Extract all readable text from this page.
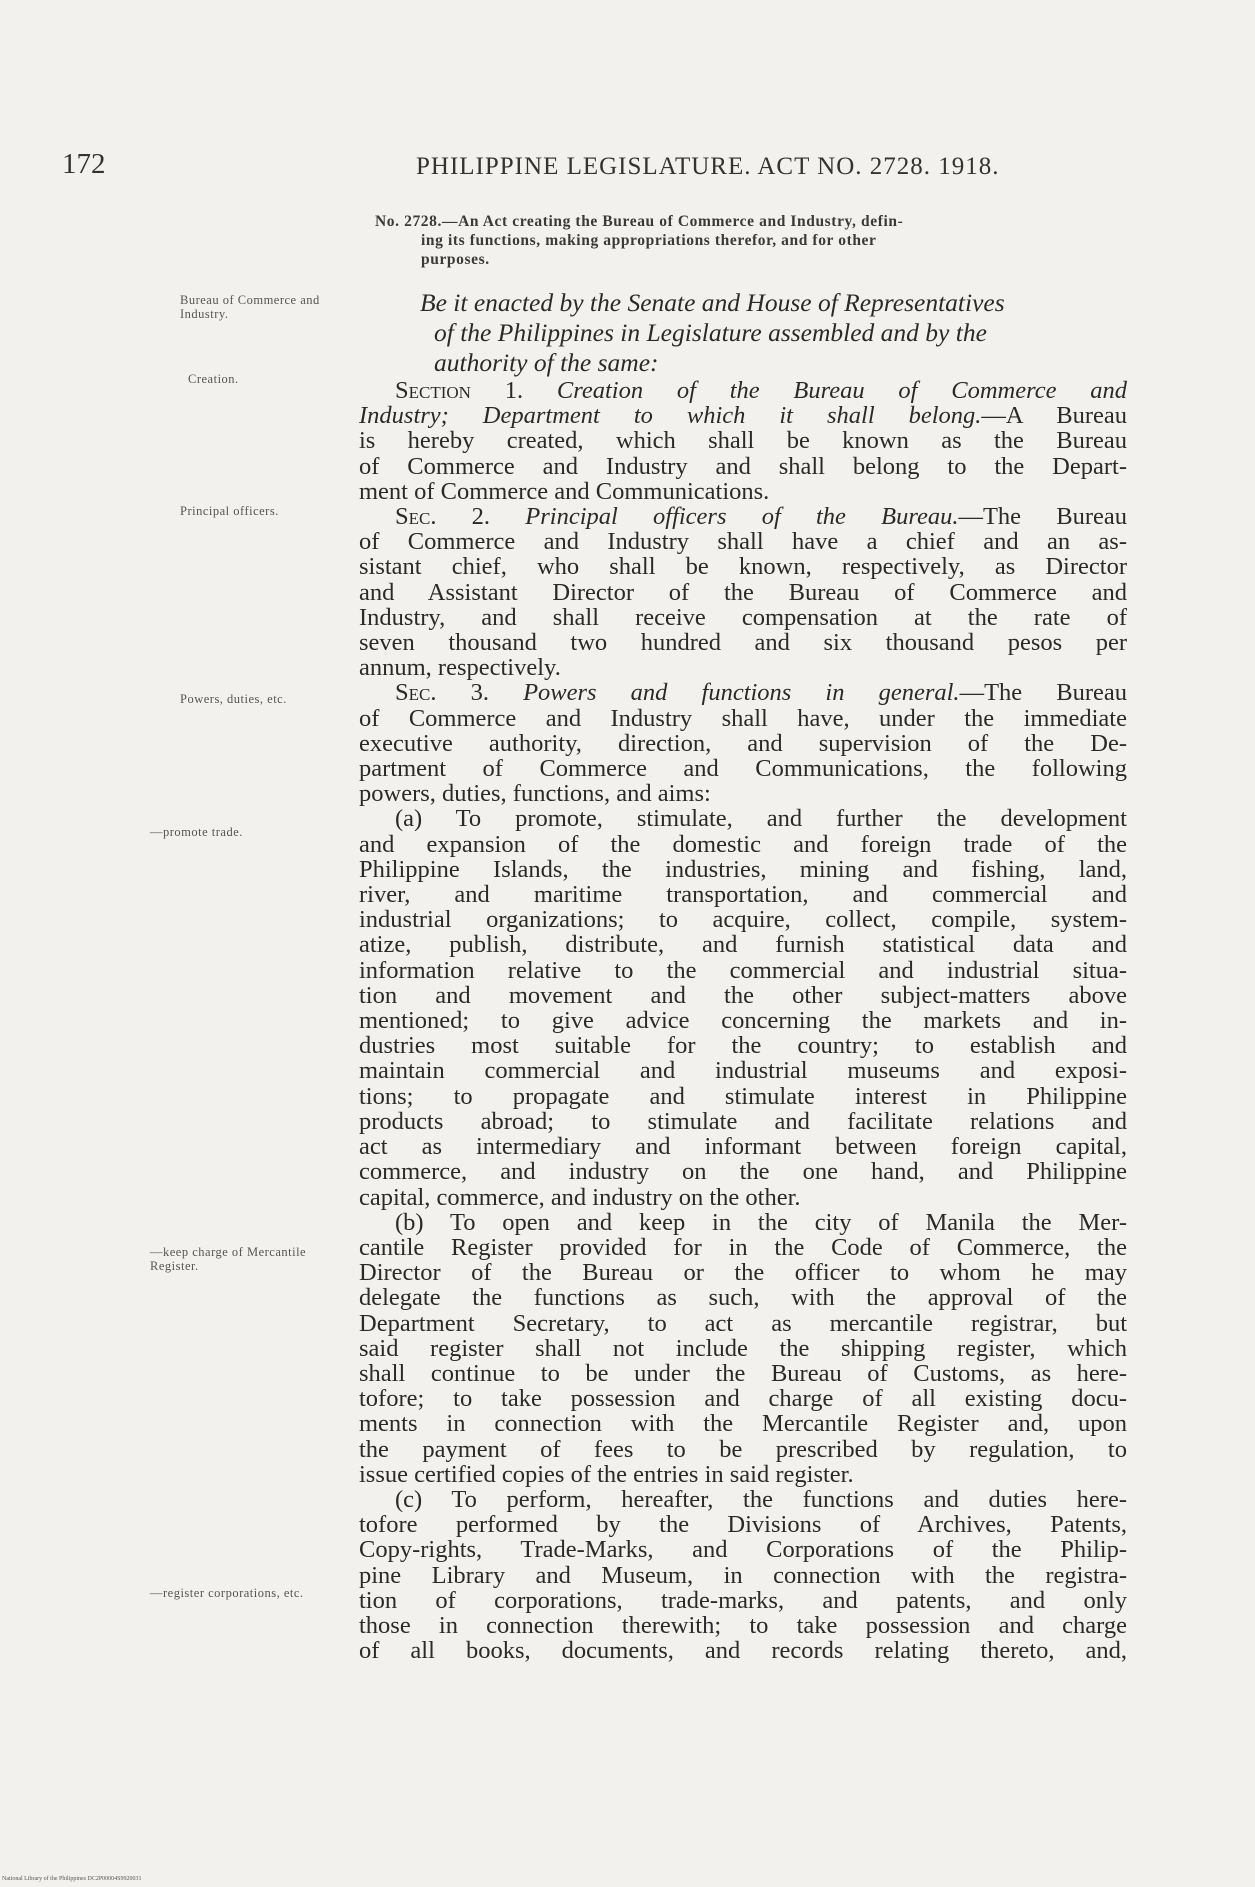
172	PHILIPPINE LEGISLATURE. ACT NO. 2728. 1918.
No. 2728.—An Act creating the Bureau of Commerce and Industry, defin-
ing its functions, making appropriations therefor, and for other
purposes.
Be it enacted by the Senate and House of Representatives
of the Philippines in Legislature assembled and by the
authority of the same:
Bureau of Commerce and Industry.
Creation.
Principal officers.
Powers, duties, etc.
—promote trade.
—keep charge of Mercantile Register.
—register corporations, etc.
Section 1. Creation of the Bureau of Commerce and
Industry; Department to which it shall belong.—A Bureau
is hereby created, which shall be known as the Bureau
of Commerce and Industry and shall belong to the Depart-
ment of Commerce and Communications.
Sec. 2. Principal officers of the Bureau.—The Bureau
of Commerce and Industry shall have a chief and an as-
sistant chief, who shall be known, respectively, as Director
and Assistant Director of the Bureau of Commerce and
Industry, and shall receive compensation at the rate of
seven thousand two hundred and six thousand pesos per
annum, respectively.
Sec. 3. Powers and functions in general.—The Bureau
of Commerce and Industry shall have, under the immediate
executive authority, direction, and supervision of the De-
partment of Commerce and Communications, the following
powers, duties, functions, and aims:
(a) To promote, stimulate, and further the development
and expansion of the domestic and foreign trade of the
Philippine Islands, the industries, mining and fishing, land,
river, and maritime transportation, and commercial and
industrial organizations; to acquire, collect, compile, system-
atize, publish, distribute, and furnish statistical data and
information relative to the commercial and industrial situa-
tion and movement and the other subject-matters above
mentioned; to give advice concerning the markets and in-
dustries most suitable for the country; to establish and
maintain commercial and industrial museums and exposi-
tions; to propagate and stimulate interest in Philippine
products abroad; to stimulate and facilitate relations and
act as intermediary and informant between foreign capital,
commerce, and industry on the one hand, and Philippine
capital, commerce, and industry on the other.
(b) To open and keep in the city of Manila the Mer-
cantile Register provided for in the Code of Commerce, the
Director of the Bureau or the officer to whom he may
delegate the functions as such, with the approval of the
Department Secretary, to act as mercantile registrar, but
said register shall not include the shipping register, which
shall continue to be under the Bureau of Customs, as here-
tofore; to take possession and charge of all existing docu-
ments in connection with the Mercantile Register and, upon
the payment of fees to be prescribed by regulation, to
issue certified copies of the entries in said register.
(c) To perform, hereafter, the functions and duties here-
tofore performed by the Divisions of Archives, Patents,
Copy-rights, Trade-Marks, and Corporations of the Philip-
pine Library and Museum, in connection with the registra-
tion of corporations, trade-marks, and patents, and only
those in connection therewith; to take possession and charge
of all books, documents, and records relating thereto, and,
National Library of the Philippines DC2P00004S9920031
